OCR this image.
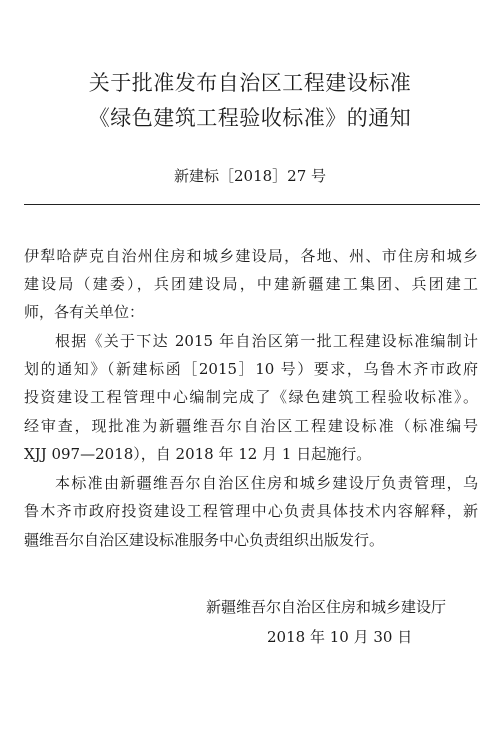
关于批准发布自治区工程建设标准
《绿色建筑工程验收标准》的通知
新建标［2018］27 号
伊犁哈萨克自治州住房和城乡建设局，各地、州、市住房和城乡
建设局（建委），兵团建设局，中建新疆建工集团、兵团建工
师，各有关单位：
根据《关于下达 2015 年自治区第一批工程建设标准编制计
划的通知》（新建标函［2015］10 号）要求，乌鲁木齐市政府
投资建设工程管理中心编制完成了《绿色建筑工程验收标准》。
经审查，现批准为新疆维吾尔自治区工程建设标准（标准编号
XJJ 097—2018），自 2018 年 12 月 1 日起施行。
本标准由新疆维吾尔自治区住房和城乡建设厅负责管理，乌
鲁木齐市政府投资建设工程管理中心负责具体技术内容解释，新
疆维吾尔自治区建设标准服务中心负责组织出版发行。
新疆维吾尔自治区住房和城乡建设厅
2018 年 10 月 30 日
